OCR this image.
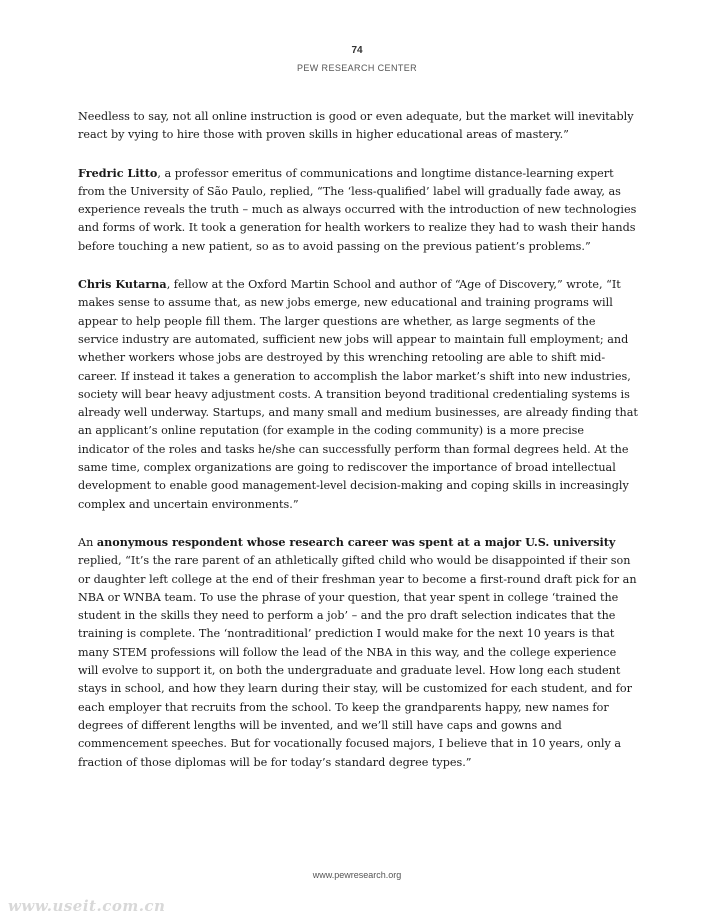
74
PEW RESEARCH CENTER

Needless to say, not all online instruction is good or even adequate, but the market will inevitably react by vying to hire those with proven skills in higher educational areas of mastery.”

Fredric Litto, a professor emeritus of communications and longtime distance-learning expert from the University of São Paulo, replied, “The ‘less-qualified’ label will gradually fade away, as experience reveals the truth – much as always occurred with the introduction of new technologies and forms of work. It took a generation for health workers to realize they had to wash their hands before touching a new patient, so as to avoid passing on the previous patient’s problems.”

Chris Kutarna, fellow at the Oxford Martin School and author of “Age of Discovery,” wrote, “It makes sense to assume that, as new jobs emerge, new educational and training programs will appear to help people fill them. The larger questions are whether, as large segments of the service industry are automated, sufficient new jobs will appear to maintain full employment; and whether workers whose jobs are destroyed by this wrenching retooling are able to shift mid-career. If instead it takes a generation to accomplish the labor market’s shift into new industries, society will bear heavy adjustment costs. A transition beyond traditional credentialing systems is already well underway. Startups, and many small and medium businesses, are already finding that an applicant’s online reputation (for example in the coding community) is a more precise indicator of the roles and tasks he/she can successfully perform than formal degrees held. At the same time, complex organizations are going to rediscover the importance of broad intellectual development to enable good management-level decision-making and coping skills in increasingly complex and uncertain environments.”

An anonymous respondent whose research career was spent at a major U.S. university replied, “It’s the rare parent of an athletically gifted child who would be disappointed if their son or daughter left college at the end of their freshman year to become a first-round draft pick for an NBA or WNBA team. To use the phrase of your question, that year spent in college ‘trained the student in the skills they need to perform a job’ – and the pro draft selection indicates that the training is complete. The ‘nontraditional’ prediction I would make for the next 10 years is that many STEM professions will follow the lead of the NBA in this way, and the college experience will evolve to support it, on both the undergraduate and graduate level. How long each student stays in school, and how they learn during their stay, will be customized for each student, and for each employer that recruits from the school. To keep the grandparents happy, new names for degrees of different lengths will be invented, and we’ll still have caps and gowns and commencement speeches. But for vocationally focused majors, I believe that in 10 years, only a fraction of those diplomas will be for today’s standard degree types.”

www.pewresearch.org
www.useit.com.cn
